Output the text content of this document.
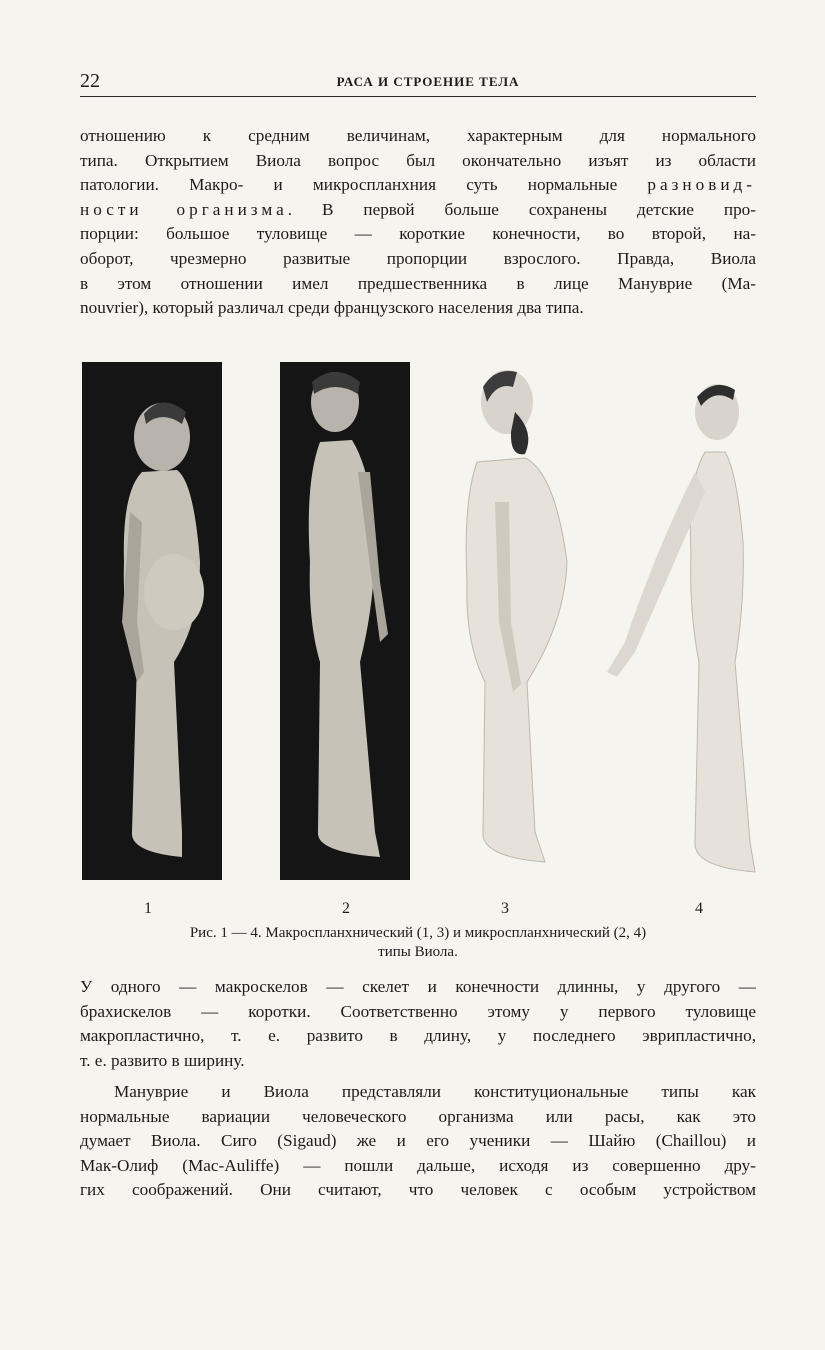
22	РАСА И СТРОЕНИЕ ТЕЛА
отношению к средним величинам, характерным для нормального
типа. Открытием Виола вопрос был окончательно изъят из области
патологии. Макро- и микроспланхния суть нормальные разновид-
ности организма. В первой больше сохранены детские про-
порции: большое туловище — короткие конечности, во второй, на-
оборот, чрезмерно развитые пропорции взрослого. Правда, Виола
в этом отношении имел предшественника в лице Манувриe (Ma-
nouvrier), который различал среди французского населения два типа.
1	2	3	4
Рис. 1 — 4. Макроспланхнический (1, 3) и микроспланхнический (2, 4)
типы Виола.
У одного — макроскелов — скелет и конечности длинны, у другого —
брахискелов — коротки. Соответственно этому у первого туловище
макропластично, т. е. развито в длину, у последнего эврипластично,
т. е. развито в ширину.
Манувриe и Виола представляли конституциональные типы как
нормальные вариации человеческого организма или расы, как это
думает Виола. Сиго (Sigaud) же и его ученики — Шайю (Chaillou) и
Мак-Олиф (Mac-Auliffe) — пошли дальше, исходя из совершенно дру-
гих соображений. Они считают, что человек с особым устройством
